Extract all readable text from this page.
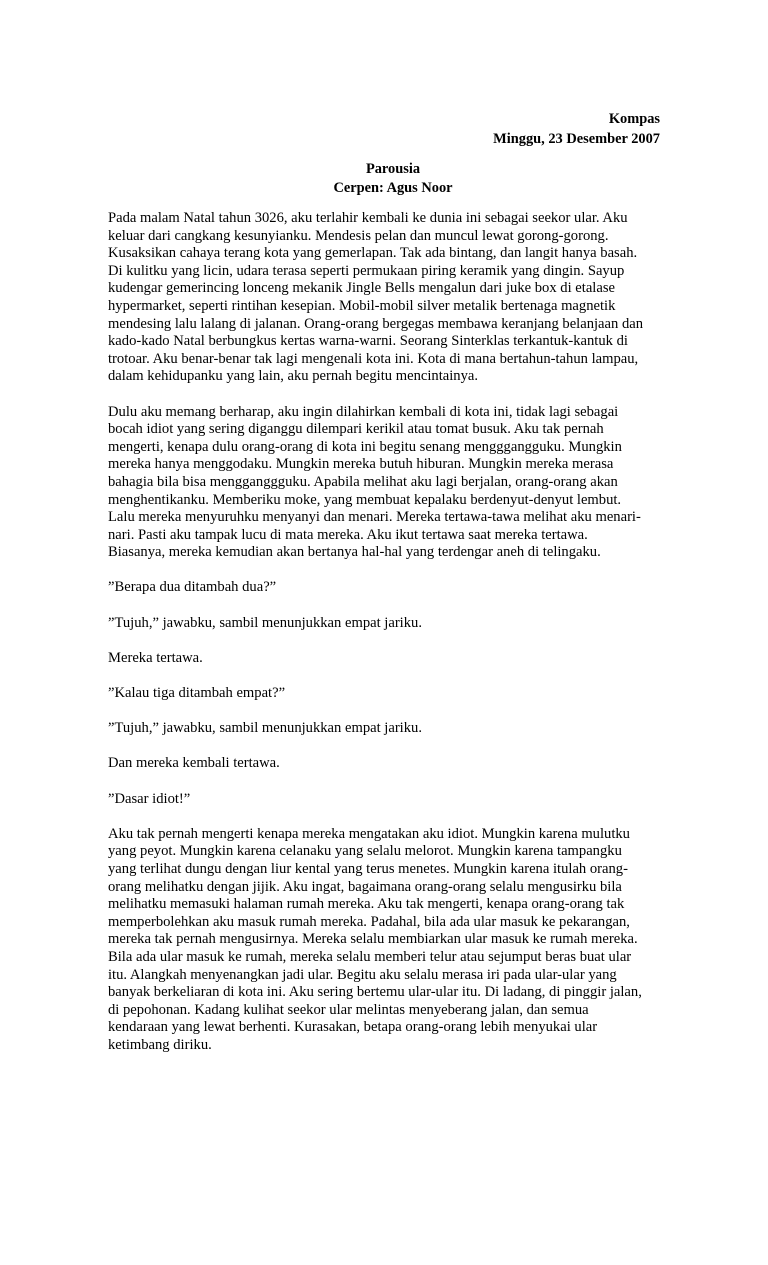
Kompas
Minggu, 23 Desember 2007
Parousia
Cerpen: Agus Noor

Pada malam Natal tahun 3026, aku terlahir kembali ke dunia ini sebagai seekor ular. Aku
keluar dari cangkang kesunyianku. Mendesis pelan dan muncul lewat gorong-gorong.
Kusaksikan cahaya terang kota yang gemerlapan. Tak ada bintang, dan langit hanya basah.
Di kulitku yang licin, udara terasa seperti permukaan piring keramik yang dingin. Sayup
kudengar gemerincing lonceng mekanik Jingle Bells mengalun dari juke box di etalase
hypermarket, seperti rintihan kesepian. Mobil-mobil silver metalik bertenaga magnetik
mendesing lalu lalang di jalanan. Orang-orang bergegas membawa keranjang belanjaan dan
kado-kado Natal berbungkus kertas warna-warni. Seorang Sinterklas terkantuk-kantuk di
trotoar. Aku benar-benar tak lagi mengenali kota ini. Kota di mana bertahun-tahun lampau,
dalam kehidupanku yang lain, aku pernah begitu mencintainya.

Dulu aku memang berharap, aku ingin dilahirkan kembali di kota ini, tidak lagi sebagai
bocah idiot yang sering diganggu dilempari kerikil atau tomat busuk. Aku tak pernah
mengerti, kenapa dulu orang-orang di kota ini begitu senang mengggangguku. Mungkin
mereka hanya menggodaku. Mungkin mereka butuh hiburan. Mungkin mereka merasa
bahagia bila bisa mengganggguku. Apabila melihat aku lagi berjalan, orang-orang akan
menghentikanku. Memberiku moke, yang membuat kepalaku berdenyut-denyut lembut.
Lalu mereka menyuruhku menyanyi dan menari. Mereka tertawa-tawa melihat aku menari-
nari. Pasti aku tampak lucu di mata mereka. Aku ikut tertawa saat mereka tertawa.
Biasanya, mereka kemudian akan bertanya hal-hal yang terdengar aneh di telingaku.

”Berapa dua ditambah dua?”

”Tujuh,” jawabku, sambil menunjukkan empat jariku.

Mereka tertawa.

”Kalau tiga ditambah empat?”

”Tujuh,” jawabku, sambil menunjukkan empat jariku.

Dan mereka kembali tertawa.

”Dasar idiot!”

Aku tak pernah mengerti kenapa mereka mengatakan aku idiot. Mungkin karena mulutku
yang peyot. Mungkin karena celanaku yang selalu melorot. Mungkin karena tampangku
yang terlihat dungu dengan liur kental yang terus menetes. Mungkin karena itulah orang-
orang melihatku dengan jijik. Aku ingat, bagaimana orang-orang selalu mengusirku bila
melihatku memasuki halaman rumah mereka. Aku tak mengerti, kenapa orang-orang tak
memperbolehkan aku masuk rumah mereka. Padahal, bila ada ular masuk ke pekarangan,
mereka tak pernah mengusirnya. Mereka selalu membiarkan ular masuk ke rumah mereka.
Bila ada ular masuk ke rumah, mereka selalu memberi telur atau sejumput beras buat ular
itu. Alangkah menyenangkan jadi ular. Begitu aku selalu merasa iri pada ular-ular yang
banyak berkeliaran di kota ini. Aku sering bertemu ular-ular itu. Di ladang, di pinggir jalan,
di pepohonan. Kadang kulihat seekor ular melintas menyeberang jalan, dan semua
kendaraan yang lewat berhenti. Kurasakan, betapa orang-orang lebih menyukai ular
ketimbang diriku.
